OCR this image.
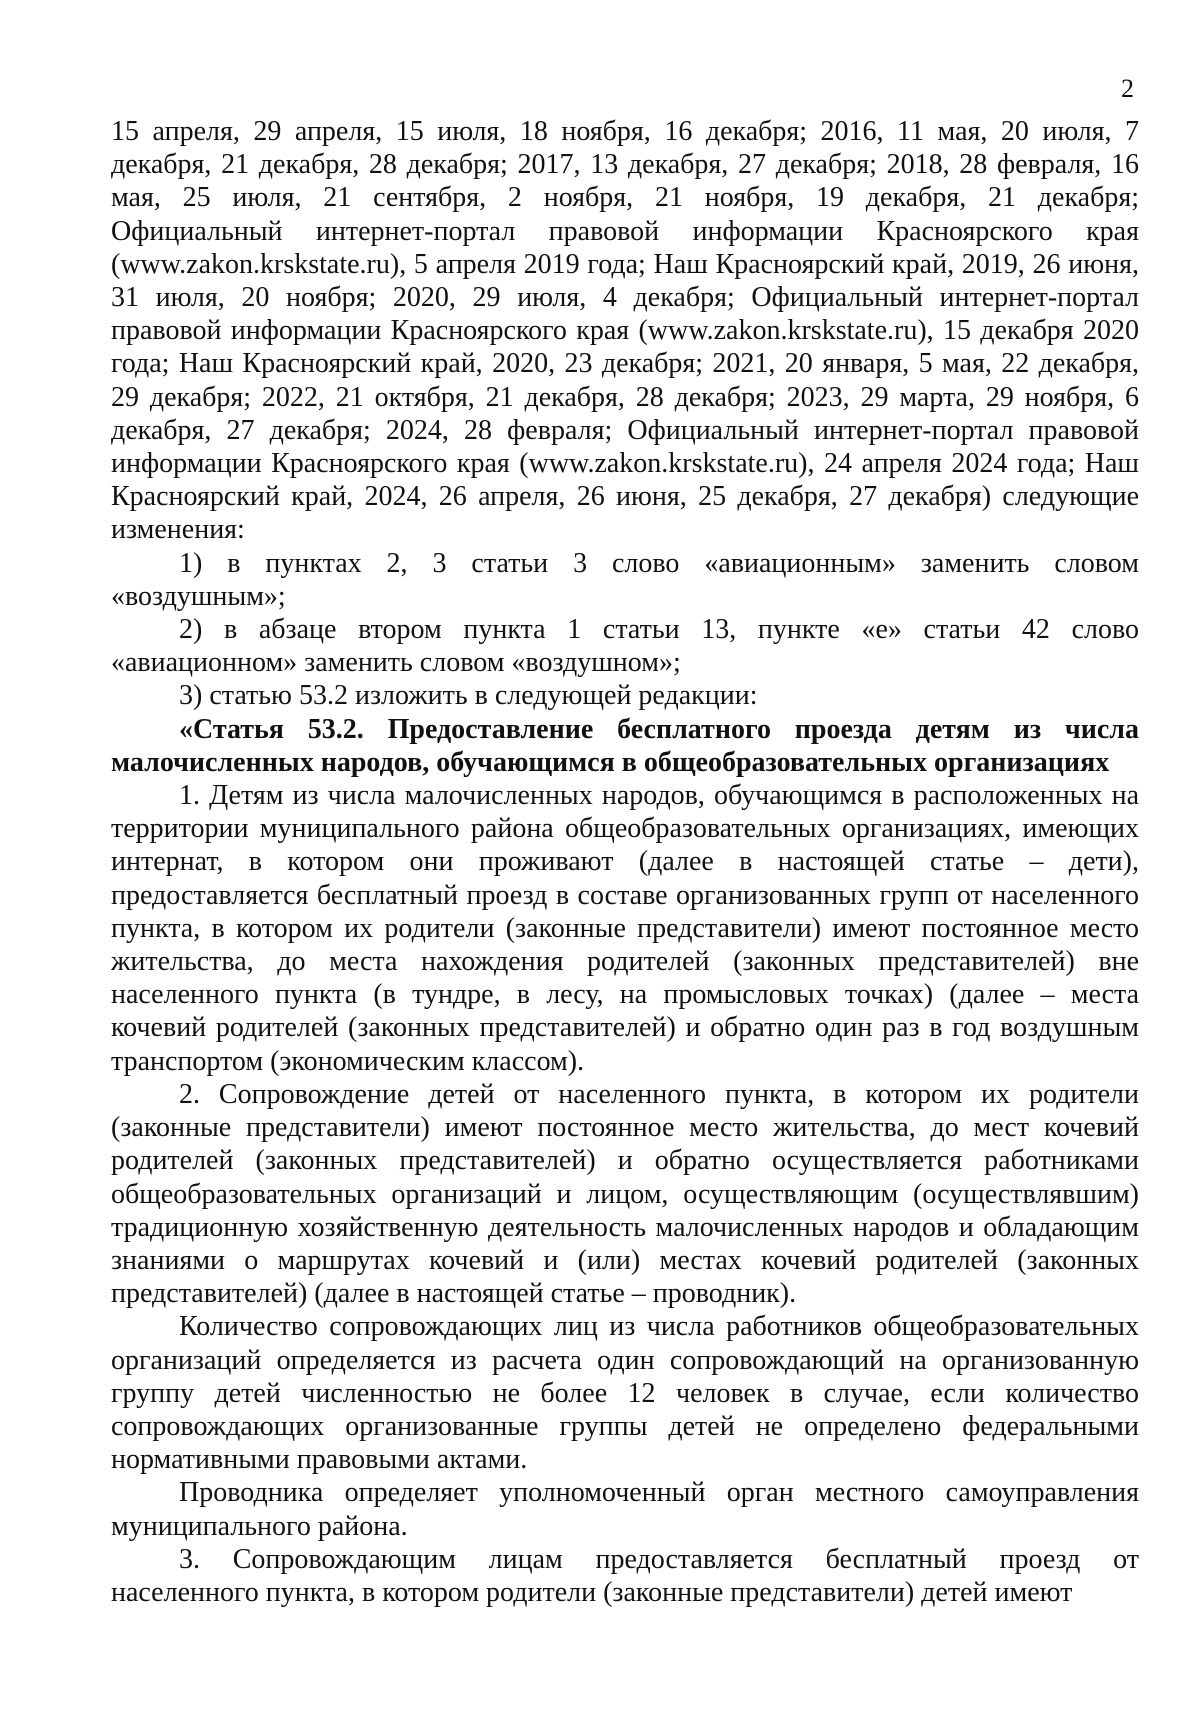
2

15 апреля, 29 апреля, 15 июля, 18 ноября, 16 декабря; 2016, 11 мая, 20 июля, 7 декабря, 21 декабря, 28 декабря; 2017, 13 декабря, 27 декабря; 2018, 28 февраля, 16 мая, 25 июля, 21 сентября, 2 ноября, 21 ноября, 19 декабря, 21 декабря; Официальный интернет-портал правовой информации Красноярского края (www.zakon.krskstate.ru), 5 апреля 2019 года; Наш Красноярский край, 2019, 26 июня, 31 июля, 20 ноября; 2020, 29 июля, 4 декабря; Официальный интернет-портал правовой информации Красноярского края (www.zakon.krskstate.ru), 15 декабря 2020 года; Наш Красноярский край, 2020, 23 декабря; 2021, 20 января, 5 мая, 22 декабря, 29 декабря; 2022, 21 октября, 21 декабря, 28 декабря; 2023, 29 марта, 29 ноября, 6 декабря, 27 декабря; 2024, 28 февраля; Официальный интернет-портал правовой информации Красноярского края (www.zakon.krskstate.ru), 24 апреля 2024 года; Наш Красноярский край, 2024, 26 апреля, 26 июня, 25 декабря, 27 декабря) следующие изменения:

1) в пунктах 2, 3 статьи 3 слово «авиационным» заменить словом «воздушным»;

2) в абзаце втором пункта 1 статьи 13, пункте «е» статьи 42 слово «авиационном» заменить словом «воздушном»;

3) статью 53.2 изложить в следующей редакции:

«Статья 53.2. Предоставление бесплатного проезда детям из числа малочисленных народов, обучающимся в общеобразовательных организациях

1. Детям из числа малочисленных народов, обучающимся в расположенных на территории муниципального района общеобразовательных организациях, имеющих интернат, в котором они проживают (далее в настоящей статье – дети), предоставляется бесплатный проезд в составе организованных групп от населенного пункта, в котором их родители (законные представители) имеют постоянное место жительства, до места нахождения родителей (законных представителей) вне населенного пункта (в тундре, в лесу, на промысловых точках) (далее – места кочевий родителей (законных представителей) и обратно один раз в год воздушным транспортом (экономическим классом).

2. Сопровождение детей от населенного пункта, в котором их родители (законные представители) имеют постоянное место жительства, до мест кочевий родителей (законных представителей) и обратно осуществляется работниками общеобразовательных организаций и лицом, осуществляющим (осуществлявшим) традиционную хозяйственную деятельность малочисленных народов и обладающим знаниями о маршрутах кочевий и (или) местах кочевий родителей (законных представителей) (далее в настоящей статье – проводник).

Количество сопровождающих лиц из числа работников общеобразовательных организаций определяется из расчета один сопровождающий на организованную группу детей численностью не более 12 человек в случае, если количество сопровождающих организованные группы детей не определено федеральными нормативными правовыми актами.

Проводника определяет уполномоченный орган местного самоуправления муниципального района.

3. Сопровождающим лицам предоставляется бесплатный проезд от населенного пункта, в котором родители (законные представители) детей имеют
